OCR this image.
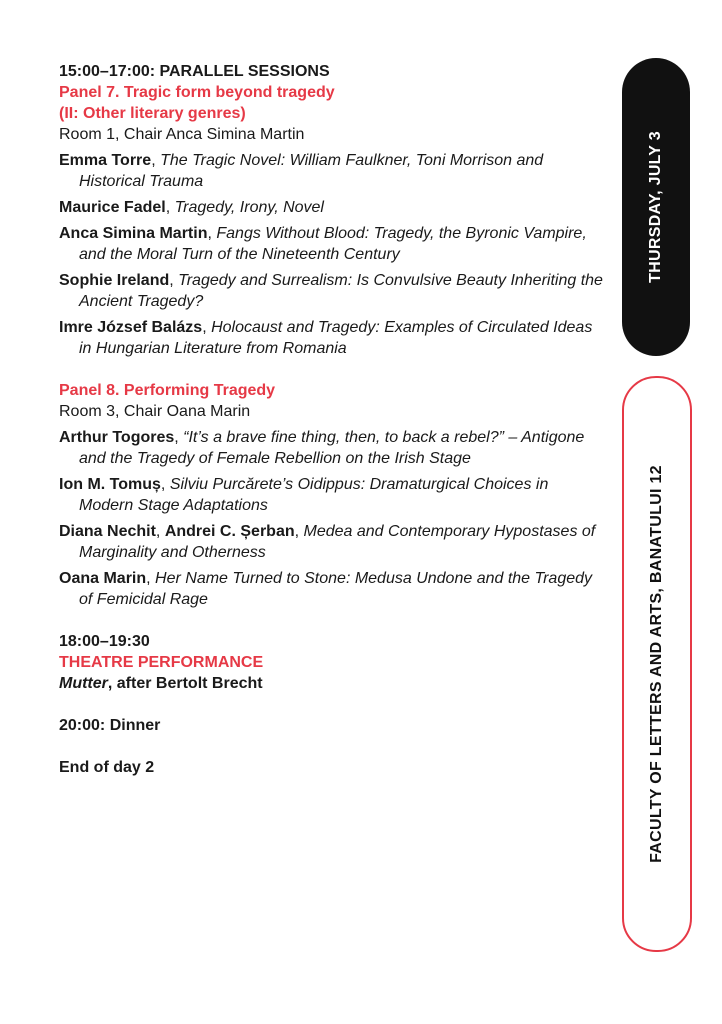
15:00–17:00: PARALLEL SESSIONS

Panel 7. Tragic form beyond tragedy

(II: Other literary genres)

Room 1, Chair Anca Simina Martin

Emma Torre, The Tragic Novel: William Faulkner, Toni Morrison and Historical Trauma

Maurice Fadel, Tragedy, Irony, Novel

Anca Simina Martin, Fangs Without Blood: Tragedy, the Byronic Vampire, and the Moral Turn of the Nineteenth Century

Sophie Ireland, Tragedy and Surrealism: Is Convulsive Beauty Inheriting the Ancient Tragedy?

Imre József Balázs, Holocaust and Tragedy: Examples of Circulated Ideas in Hungarian Literature from Romania

Panel 8. Performing Tragedy

Room 3, Chair Oana Marin

Arthur Togores, “It’s a brave fine thing, then, to back a rebel?” – Antigone and the Tragedy of Female Rebellion on the Irish Stage

Ion M. Tomuș, Silviu Purcărete’s Oidippus: Dramaturgical Choices in Modern Stage Adaptations

Diana Nechit, Andrei C. Șerban, Medea and Contemporary Hypostases of Marginality and Otherness

Oana Marin, Her Name Turned to Stone: Medusa Undone and the Tragedy of Femicidal Rage

18:00–19:30

THEATRE PERFORMANCE

Mutter, after Bertolt Brecht

20:00: Dinner

End of day 2

THURSDAY, JULY 3
FACULTY OF LETTERS AND ARTS, BANATULUI 12
